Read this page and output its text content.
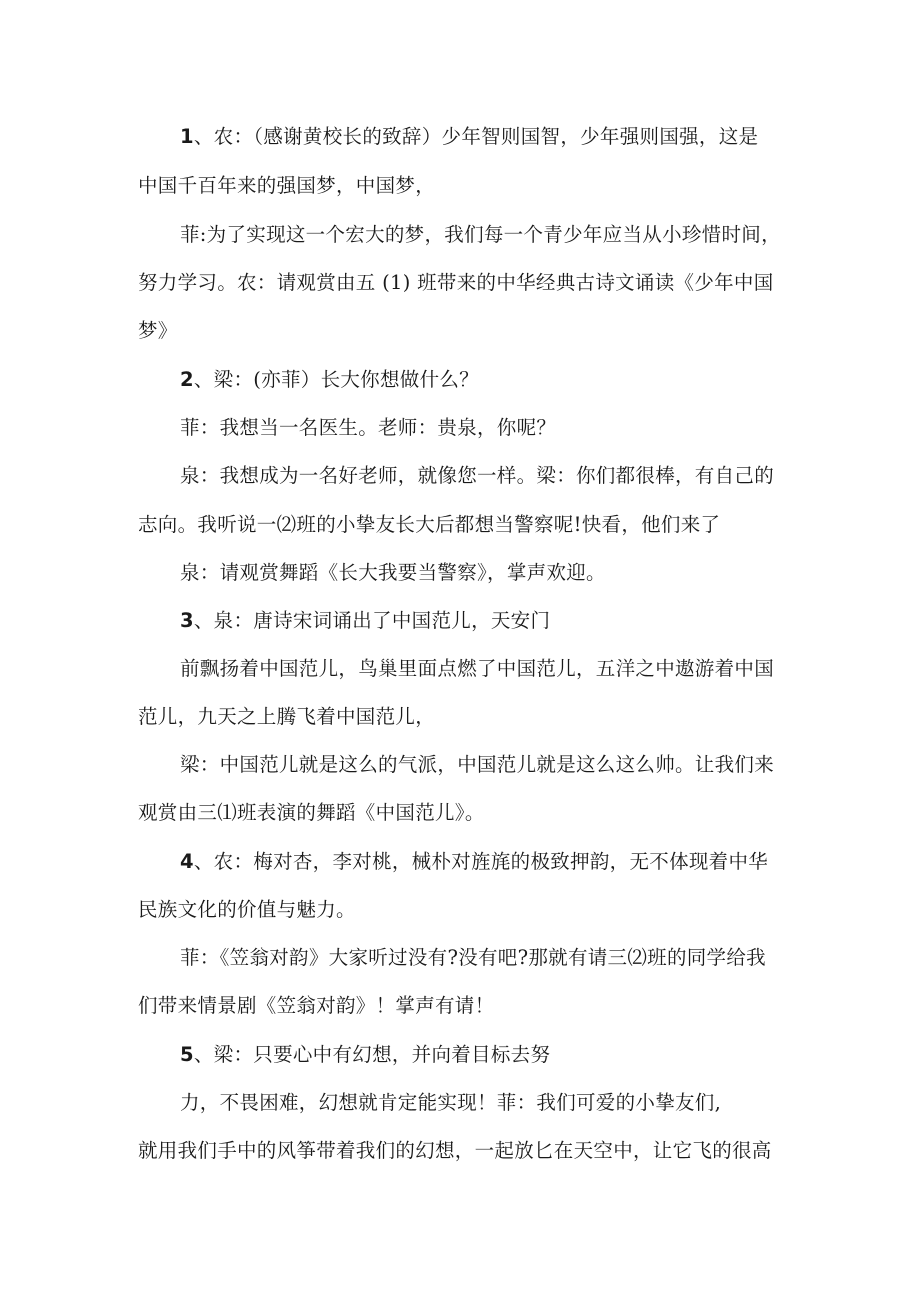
1、农：（感谢黄校长的致辞）少年智则国智，少年强则国强，这是
中国千百年来的强国梦，中国梦，
菲:为了实现这一个宏大的梦，我们每一个青少年应当从小珍惜时间，
努力学习。农：请观赏由五 (1) 班带来的中华经典古诗文诵读《少年中国
梦》
2、梁：(亦菲）长大你想做什么？
菲：我想当一名医生。老师：贵泉，你呢？
泉：我想成为一名好老师，就像您一样。梁：你们都很棒，有自己的
志向。我听说一⑵班的小挚友长大后都想当警察呢!快看，他们来了
泉：请观赏舞蹈《长大我要当警察》，掌声欢迎。
3、泉：唐诗宋词诵出了中国范儿，天安门
前飘扬着中国范儿，鸟巢里面点燃了中国范儿，五洋之中遨游着中国
范儿，九天之上腾飞着中国范儿，
梁：中国范儿就是这么的气派，中国范儿就是这么这么帅。让我们来
观赏由三⑴班表演的舞蹈《中国范儿》。
4、农：梅对杏，李对桃，械朴对旌旄的极致押韵，无不体现着中华
民族文化的价值与魅力。
菲：《笠翁对韵》大家听过没有?没有吧?那就有请三⑵班的同学给我
们带来情景剧《笠翁对韵》！掌声有请！
5、梁：只要心中有幻想，并向着目标去努
力，不畏困难，幻想就肯定能实现！菲：我们可爱的小挚友们,
就用我们手中的风筝带着我们的幻想，一起放匕在天空中，让它飞的很高
